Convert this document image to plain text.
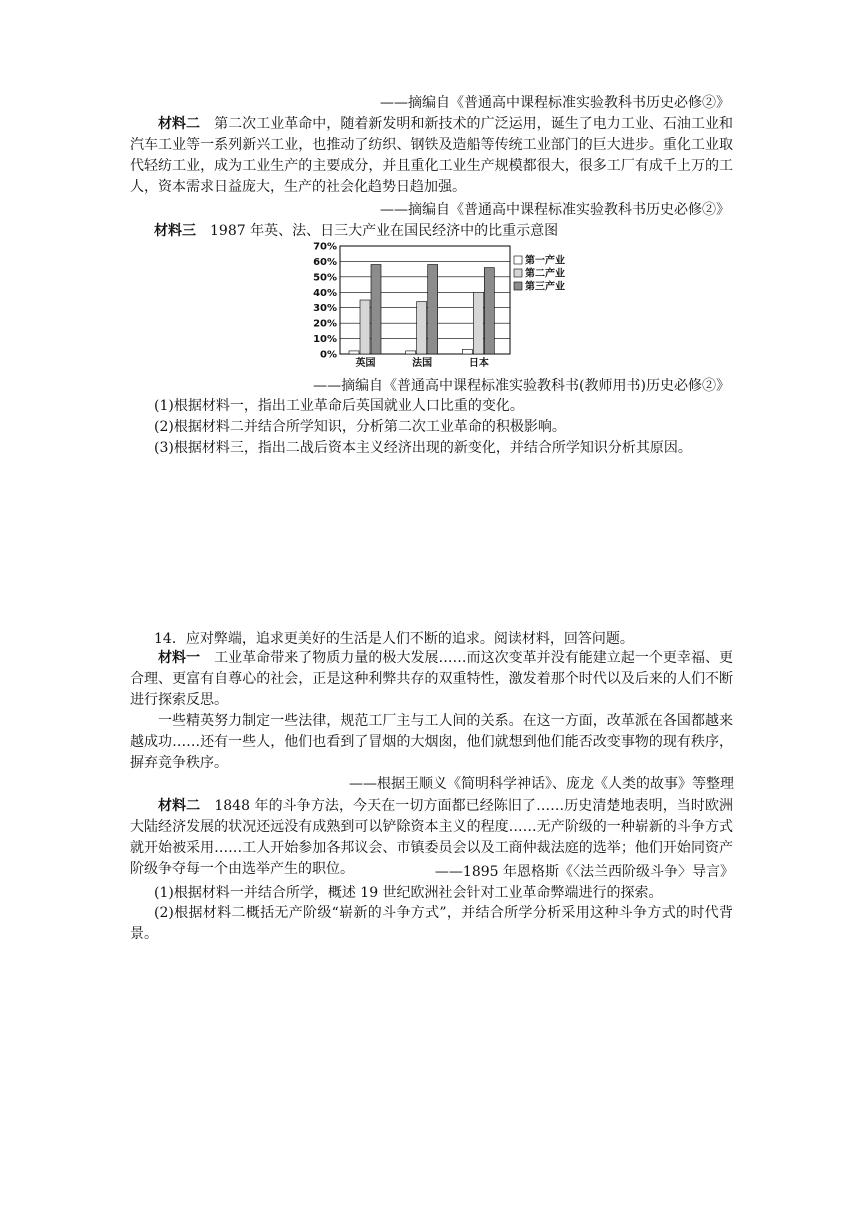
——摘编自《普通高中课程标准实验教科书历史必修②》
材料二　 第二次工业革命中，随着新发明和新技术的广泛运用，诞生了电力工业、石油工业和汽车工业等一系列新兴工业，也推动了纺织、钢铁及造船等传统工业部门的巨大进步。重化工业取代轻纺工业，成为工业生产的主要成分，并且重化工业生产规模都很大，很多工厂有成千上万的工人，资本需求日益庞大，生产的社会化趋势日趋加强。
——摘编自《普通高中课程标准实验教科书历史必修②》
材料三　 1987 年英、法、日三大产业在国民经济中的比重示意图
0%
10%
20%
30%
40%
50%
60%
70%
英国	法国	日本
第一产业
第二产业
第三产业
——摘编自《普通高中课程标准实验教科书(教师用书)历史必修②》
(1)根据材料一，指出工业革命后英国就业人口比重的变化。
(2)根据材料二并结合所学知识，分析第二次工业革命的积极影响。
(3)根据材料三，指出二战后资本主义经济出现的新变化，并结合所学知识分析其原因。
14．应对弊端，追求更美好的生活是人们不断的追求。阅读材料，回答问题。
材料一　 工业革命带来了物质力量的极大发展……而这次变革并没有能建立起一个更幸福、更合理、更富有自尊心的社会，正是这种利弊共存的双重特性，激发着那个时代以及后来的人们不断进行探索反思。
一些精英努力制定一些法律，规范工厂主与工人间的关系。在这一方面，改革派在各国都越来越成功……还有一些人，他们也看到了冒烟的大烟囱，他们就想到他们能否改变事物的现有秩序，摒弃竞争秩序。
——根据王顺义《简明科学神话》、庞龙《人类的故事》等整理
材料二　 1848 年的斗争方法，今天在一切方面都已经陈旧了……历史清楚地表明，当时欧洲大陆经济发展的状况还远没有成熟到可以铲除资本主义的程度……无产阶级的一种崭新的斗争方式就开始被采用……工人开始参加各邦议会、市镇委员会以及工商仲裁法庭的选举；他们开始同资产阶级争夺每一个由选举产生的职位。	——1895 年恩格斯《〈法兰西阶级斗争〉导言》
(1)根据材料一并结合所学，概述 19 世纪欧洲社会针对工业革命弊端进行的探索。
(2)根据材料二概括无产阶级“崭新的斗争方式”，并结合所学分析采用这种斗争方式的时代背景。
